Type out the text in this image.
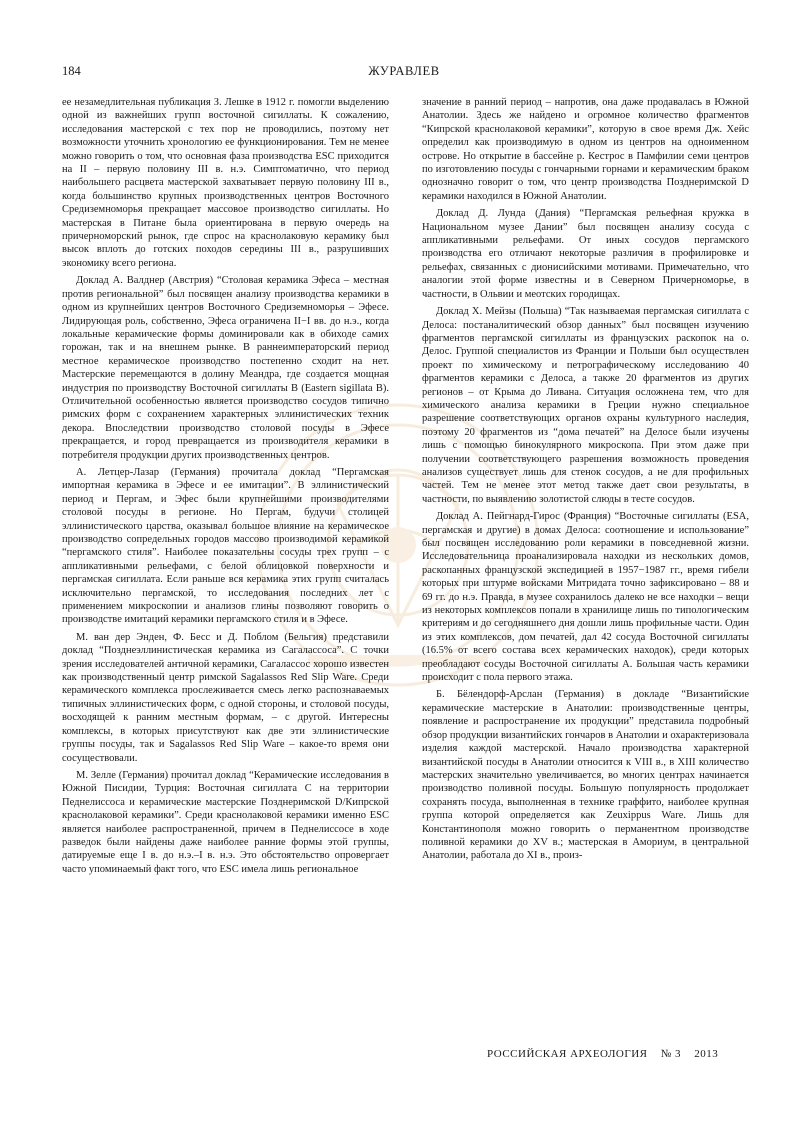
184	ЖУРАВЛЕВ

ее незамедлительная публикация З. Лешке в 1912 г. помогли выделению одной из важнейших групп восточной сигиллаты. К сожалению, исследования мастерской с тех пор не проводились, поэтому нет возможности уточнить хронологию ее функционирования. Тем не менее можно говорить о том, что основная фаза производства ESC приходится на II – первую половину III в. н.э. Симптоматично, что период наибольшего расцвета мастерской захватывает первую половину III в., когда большинство крупных производственных центров Восточного Средиземноморья прекращает массовое производство сигиллаты. Но мастерская в Питане была ориентирована в первую очередь на причерноморский рынок, где спрос на краснолаковую керамику был высок вплоть до готских походов середины III в., разрушивших экономику всего региона.

Доклад А. Валднер (Австрия) “Столовая керамика Эфеса – местная против региональной” был посвящен анализу производства керамики в одном из крупнейших центров Восточного Средиземноморья – Эфесе. Лидирующая роль, собственно, Эфеса ограничена II−I вв. до н.э., когда локальные керамические формы доминировали как в обиходе самих горожан, так и на внешнем рынке. В раннеимператорский период местное керамическое производство постепенно сходит на нет. Мастерские перемещаются в долину Меандра, где создается мощная индустрия по производству Восточной сигиллаты B (Eastern sigillata B). Отличительной особенностью является производство сосудов типично римских форм с сохранением характерных эллинистических техник декора. Впоследствии производство столовой посуды в Эфесе прекращается, и город превращается из производителя керамики в потребителя продукции других производственных центров.

А. Летцер-Лазар (Германия) прочитала доклад “Пергамская импортная керамика в Эфесе и ее имитации”. В эллинистический период и Пергам, и Эфес были крупнейшими производителями столовой посуды в регионе. Но Пергам, будучи столицей эллинистического царства, оказывал большое влияние на керамическое производство сопредельных городов массово производимой керамикой “пергамского стиля”. Наиболее показательны сосуды трех групп – с аппликативными рельефами, с белой облицовкой поверхности и пергамская сигиллата. Если раньше вся керамика этих групп считалась исключительно пергамской, то исследования последних лет с применением микроскопии и анализов глины позволяют говорить о производстве имитаций керамики пергамского стиля и в Эфесе.

М. ван дер Энден, Ф. Бесс и Д. Поблом (Бельгия) представили доклад “Позднеэллинистическая керамика из Сагалассоса”. С точки зрения исследователей античной керамики, Сагалассос хорошо известен как производственный центр римской Sagalassos Red Slip Ware. Среди керамического комплекса прослеживается смесь легко распознаваемых типичных эллинистических форм, с одной стороны, и столовой посуды, восходящей к ранним местным формам, – с другой. Интересны комплексы, в которых присутствуют как две эти эллинистические группы посуды, так и Sagalassos Red Slip Ware – какое-то время они сосуществовали.

М. Зелле (Германия) прочитал доклад “Керамические исследования в Южной Писидии, Турция: Восточная сигиллата C на территории Педнелиссоса и керамические мастерские Позднеримской D/Кипрской краснолаковой керамики”. Среди краснолаковой керамики именно ESC является наиболее распространенной, причем в Педнелиссосе в ходе разведок были найдены даже наиболее ранние формы этой группы, датируемые еще I в. до н.э.–I в. н.э. Это обстоятельство опровергает часто упоминаемый факт того, что ESC имела лишь региональное

значение в ранний период – напротив, она даже продавалась в Южной Анатолии. Здесь же найдено и огромное количество фрагментов “Кипрской краснолаковой керамики”, которую в свое время Дж. Хейс определил как производимую в одном из центров на одноименном острове. Но открытие в бассейне р. Кестрос в Памфилии семи центров по изготовлению посуды с гончарными горнами и керамическим браком однозначно говорит о том, что центр производства Позднеримской D керамики находился в Южной Анатолии.

Доклад Д. Лунда (Дания) “Пергамская рельефная кружка в Национальном музее Дании” был посвящен анализу сосуда с аппликативными рельефами. От иных сосудов пергамского производства его отличают некоторые различия в профилировке и рельефах, связанных с дионисийскими мотивами. Примечательно, что аналогии этой форме известны и в Северном Причерноморье, в частности, в Ольвии и меотских городищах.

Доклад Х. Мейзы (Польша) “Так называемая пергамская сигиллата с Делоса: постаналитический обзор данных” был посвящен изучению фрагментов пергамской сигиллаты из французских раскопок на о. Делос. Группой специалистов из Франции и Польши был осуществлен проект по химическому и петрографическому исследованию 40 фрагментов керамики с Делоса, а также 20 фрагментов из других регионов – от Крыма до Ливана. Ситуация осложнена тем, что для химического анализа керамики в Греции нужно специальное разрешение соответствующих органов охраны культурного наследия, поэтому 20 фрагментов из “дома печатей” на Делосе были изучены лишь с помощью бинокулярного микроскопа. При этом даже при получении соответствующего разрешения возможность проведения анализов существует лишь для стенок сосудов, а не для профильных частей. Тем не менее этот метод также дает свои результаты, в частности, по выявлению золотистой слюды в тесте сосудов.

Доклад А. Пейгнард-Гирос (Франция) “Восточные сигиллаты (ESA, пергамская и другие) в домах Делоса: соотношение и использование” был посвящен исследованию роли керамики в повседневной жизни. Исследовательница проанализировала находки из нескольких домов, раскопанных французской экспедицией в 1957−1987 гг., время гибели которых при штурме войсками Митридата точно зафиксировано – 88 и 69 гг. до н.э. Правда, в музее сохранилось далеко не все находки – вещи из некоторых комплексов попали в хранилище лишь по типологическим критериям и до сегодняшнего дня дошли лишь профильные части. Один из этих комплексов, дом печатей, дал 42 сосуда Восточной сигиллаты (16.5% от всего состава всех керамических находок), среди которых преобладают сосуды Восточной сигиллаты А. Большая часть керамики происходит с пола первого этажа.

Б. Бёлендорф-Арслан (Германия) в докладе “Византийские керамические мастерские в Анатолии: производственные центры, появление и распространение их продукции” представила подробный обзор продукции византийских гончаров в Анатолии и охарактеризовала изделия каждой мастерской. Начало производства характерной византийской посуды в Анатолии относится к VIII в., в XIII количество мастерских значительно увеличивается, во многих центрах начинается производство поливной посуды. Большую популярность продолжает сохранять посуда, выполненная в технике граффито, наиболее крупная группа которой определяется как Zeuxippus Ware. Лишь для Константинополя можно говорить о перманентном производстве поливной керамики до XV в.; мастерская в Амориум, в центральной Анатолии, работала до XI в., произ-

РОССИЙСКАЯ АРХЕОЛОГИЯ № 3 2013
